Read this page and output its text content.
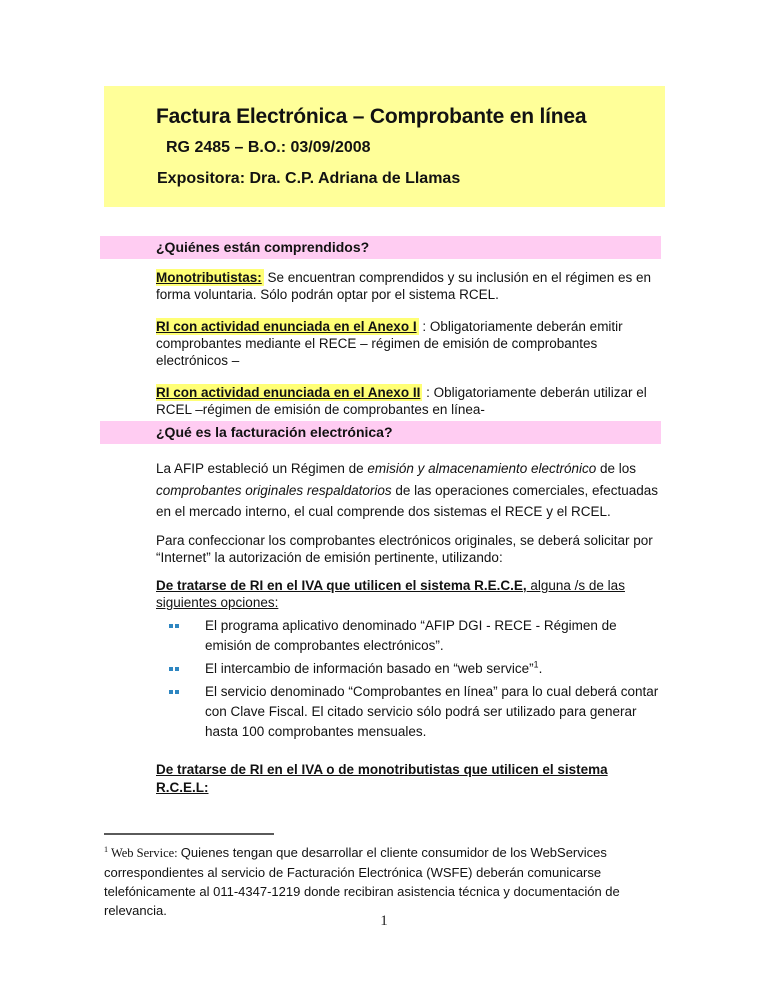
Factura Electrónica – Comprobante en línea
RG 2485 – B.O.: 03/09/2008
Expositora: Dra. C.P. Adriana de Llamas
¿Quiénes están comprendidos?
Monotributistas: Se encuentran comprendidos y su inclusión en el régimen es en forma voluntaria. Sólo podrán optar por el sistema RCEL.
RI con actividad enunciada en el Anexo I : Obligatoriamente deberán emitir comprobantes mediante el RECE – régimen de emisión de comprobantes electrónicos –
RI con actividad enunciada en el Anexo II : Obligatoriamente deberán utilizar el RCEL –régimen de emisión de comprobantes en línea-
¿Qué es la facturación electrónica?
La AFIP estableció un Régimen de emisión y almacenamiento electrónico de los comprobantes originales respaldatorios de las operaciones comerciales, efectuadas en el mercado interno, el cual comprende dos sistemas el RECE y el RCEL.
Para confeccionar los comprobantes electrónicos originales, se deberá solicitar por “Internet” la autorización de emisión pertinente, utilizando:
De tratarse de RI en el IVA que utilicen el sistema R.E.C.E, alguna /s de las siguientes opciones:
El programa aplicativo denominado “AFIP DGI - RECE - Régimen de emisión de comprobantes electrónicos”.
El intercambio de información basado en “web service”$^1$.
El servicio denominado “Comprobantes en línea” para lo cual deberá contar con Clave Fiscal. El citado servicio sólo podrá ser utilizado para generar hasta 100 comprobantes mensuales.
De tratarse de RI en el IVA o de monotributistas que utilicen el sistema R.C.E.L:
$^1$ Web Service: Quienes tengan que desarrollar el cliente consumidor de los WebServices correspondientes al servicio de Facturación Electrónica (WSFE) deberán comunicarse telefónicamente al 011-4347-1219 donde recibiran asistencia técnica y documentación de relevancia.
1
